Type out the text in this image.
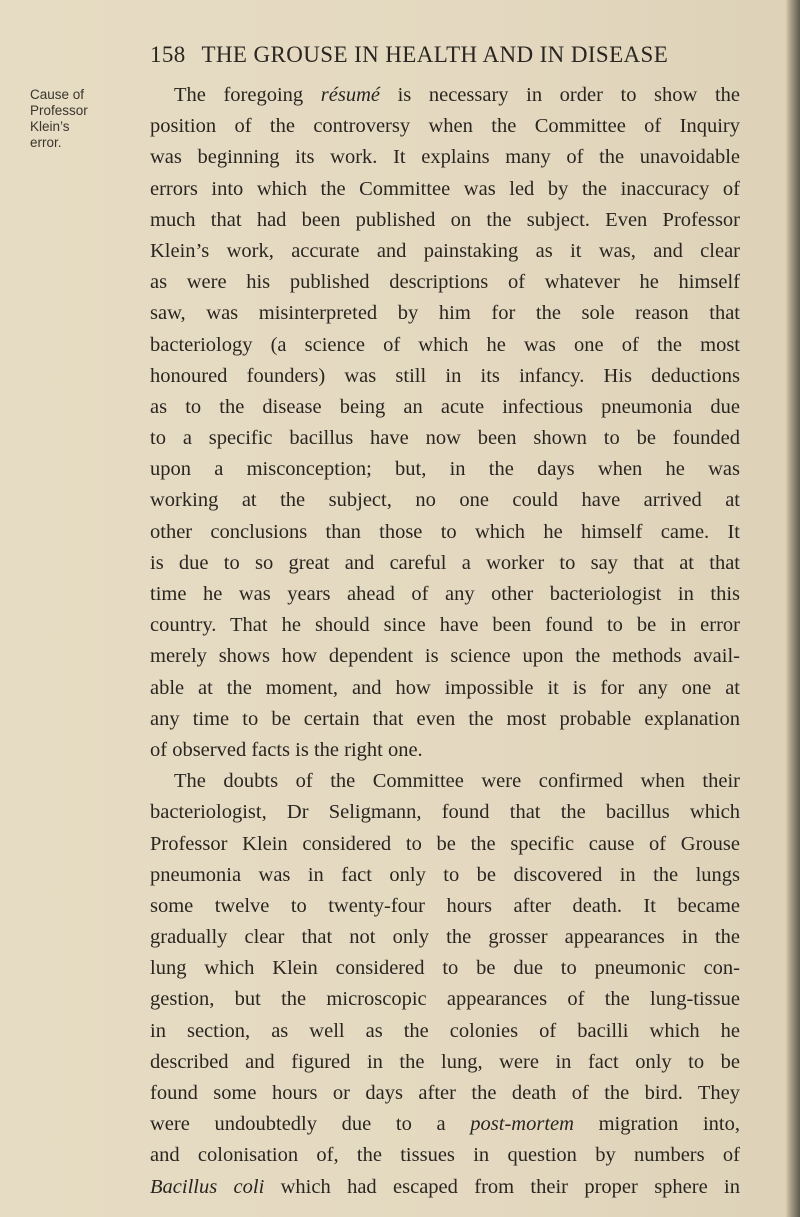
158 THE GROUSE IN HEALTH AND IN DISEASE
Cause of
Professor
Klein’s
error.
The foregoing résumé is necessary in order to show the
position of the controversy when the Committee of Inquiry
was beginning its work. It explains many of the unavoidable
errors into which the Committee was led by the inaccuracy of
much that had been published on the subject. Even Professor
Klein’s work, accurate and painstaking as it was, and clear
as were his published descriptions of whatever he himself
saw, was misinterpreted by him for the sole reason that
bacteriology (a science of which he was one of the most
honoured founders) was still in its infancy. His deductions
as to the disease being an acute infectious pneumonia due
to a specific bacillus have now been shown to be founded
upon a misconception; but, in the days when he was
working at the subject, no one could have arrived at
other conclusions than those to which he himself came. It
is due to so great and careful a worker to say that at that
time he was years ahead of any other bacteriologist in this
country. That he should since have been found to be in error
merely shows how dependent is science upon the methods avail-
able at the moment, and how impossible it is for any one at
any time to be certain that even the most probable explanation
of observed facts is the right one.
The doubts of the Committee were confirmed when their
bacteriologist, Dr Seligmann, found that the bacillus which
Professor Klein considered to be the specific cause of Grouse
pneumonia was in fact only to be discovered in the lungs
some twelve to twenty-four hours after death. It became
gradually clear that not only the grosser appearances in the
lung which Klein considered to be due to pneumonic con-
gestion, but the microscopic appearances of the lung-tissue
in section, as well as the colonies of bacilli which he
described and figured in the lung, were in fact only to be
found some hours or days after the death of the bird. They
were undoubtedly due to a post-mortem migration into,
and colonisation of, the tissues in question by numbers of
Bacillus coli which had escaped from their proper sphere in
